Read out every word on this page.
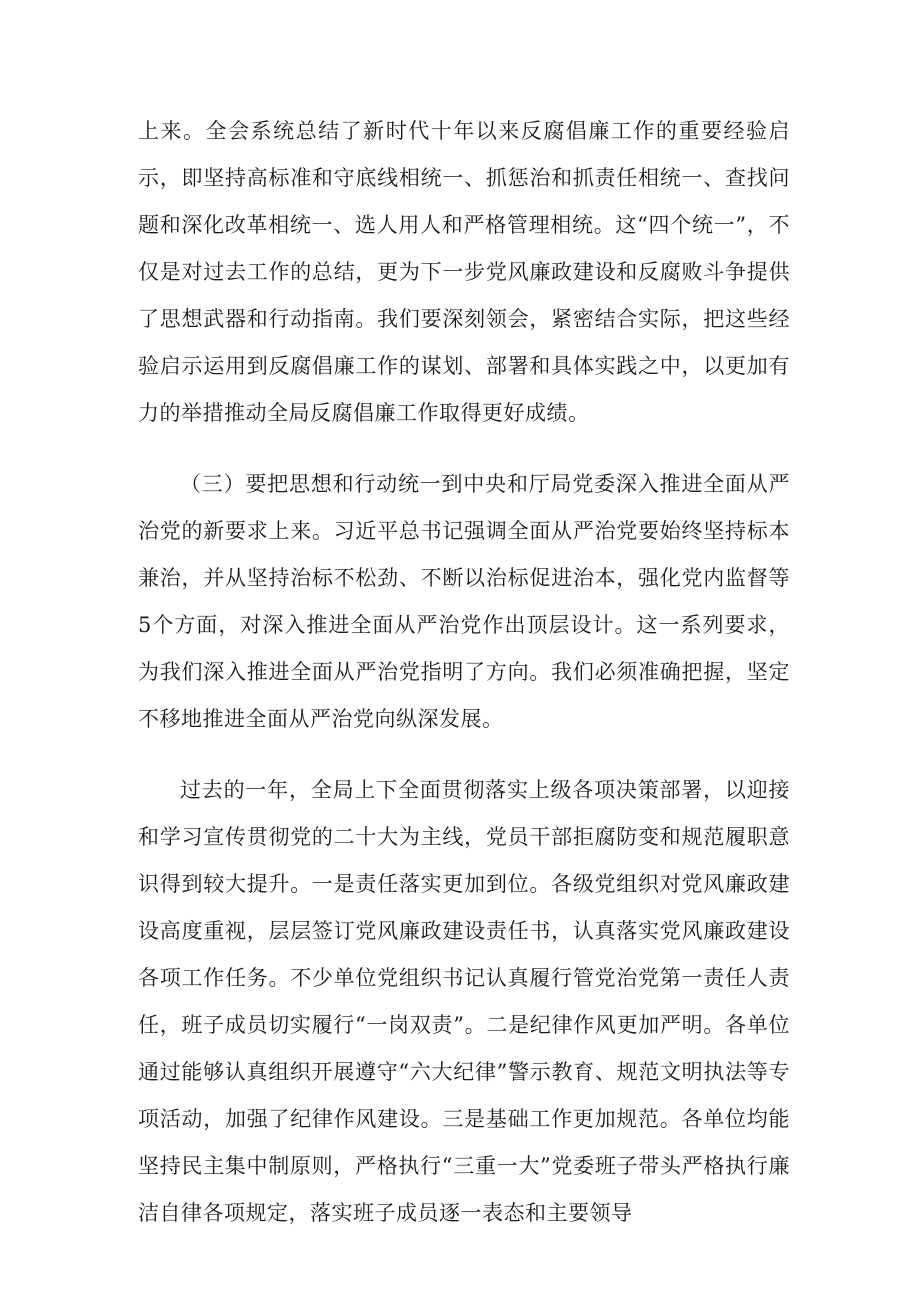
上来。全会系统总结了新时代十年以来反腐倡廉工作的重要经验启示，即坚持高标准和守底线相统一、抓惩治和抓责任相统一、查找问题和深化改革相统一、选人用人和严格管理相统。这“四个统一”，不仅是对过去工作的总结，更为下一步党风廉政建设和反腐败斗争提供了思想武器和行动指南。我们要深刻领会，紧密结合实际，把这些经验启示运用到反腐倡廉工作的谋划、部署和具体实践之中，以更加有力的举措推动全局反腐倡廉工作取得更好成绩。

（三）要把思想和行动统一到中央和厅局党委深入推进全面从严治党的新要求上来。习近平总书记强调全面从严治党要始终坚持标本兼治，并从坚持治标不松劲、不断以治标促进治本，强化党内监督等5个方面，对深入推进全面从严治党作出顶层设计。这一系列要求，为我们深入推进全面从严治党指明了方向。我们必须准确把握，坚定不移地推进全面从严治党向纵深发展。

过去的一年，全局上下全面贯彻落实上级各项决策部署，以迎接和学习宣传贯彻党的二十大为主线，党员干部拒腐防变和规范履职意识得到较大提升。一是责任落实更加到位。各级党组织对党风廉政建设高度重视，层层签订党风廉政建设责任书，认真落实党风廉政建设各项工作任务。不少单位党组织书记认真履行管党治党第一责任人责任，班子成员切实履行“一岗双责”。二是纪律作风更加严明。各单位通过能够认真组织开展遵守“六大纪律”警示教育、规范文明执法等专项活动，加强了纪律作风建设。三是基础工作更加规范。各单位均能坚持民主集中制原则，严格执行“三重一大”党委班子带头严格执行廉洁自律各项规定，落实班子成员逐一表态和主要领导
